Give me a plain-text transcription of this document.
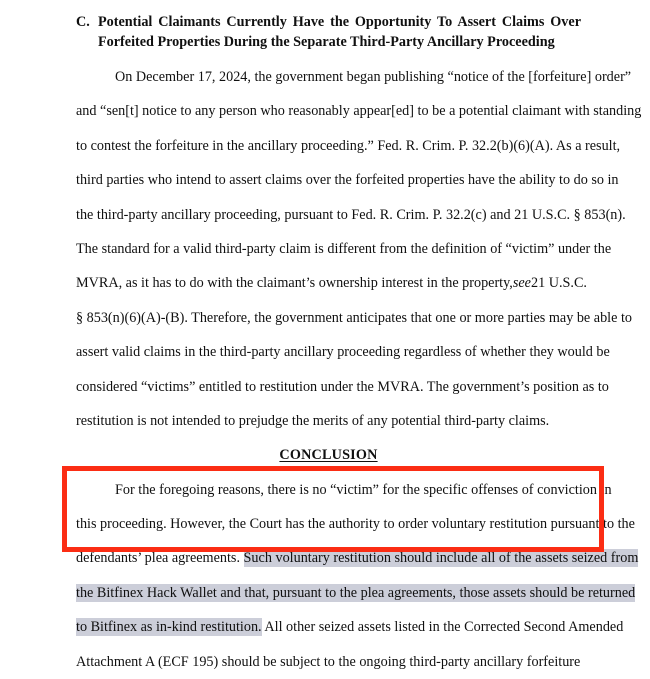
C. Potential Claimants Currently Have the Opportunity To Assert Claims Over
Forfeited Properties During the Separate Third-Party Ancillary Proceeding

On December 17, 2024, the government began publishing “notice of the [forfeiture] order”
and “sen[t] notice to any person who reasonably appear[ed] to be a potential claimant with standing
to contest the forfeiture in the ancillary proceeding.” Fed. R. Crim. P. 32.2(b)(6)(A). As a result,
third parties who intend to assert claims over the forfeited properties have the ability to do so in
the third-party ancillary proceeding, pursuant to Fed. R. Crim. P. 32.2(c) and 21 U.S.C. § 853(n).
The standard for a valid third-party claim is different from the definition of “victim” under the
MVRA, as it has to do with the claimant’s ownership interest in the property, see 21 U.S.C.
§ 853(n)(6)(A)-(B). Therefore, the government anticipates that one or more parties may be able to
assert valid claims in the third-party ancillary proceeding regardless of whether they would be
considered “victims” entitled to restitution under the MVRA. The government’s position as to
restitution is not intended to prejudge the merits of any potential third-party claims.

CONCLUSION

For the foregoing reasons, there is no “victim” for the specific offenses of conviction in
this proceeding. However, the Court has the authority to order voluntary restitution pursuant to the
defendants’ plea agreements. Such voluntary restitution should include all of the assets seized from
the Bitfinex Hack Wallet and that, pursuant to the plea agreements, those assets should be returned
to Bitfinex as in-kind restitution. All other seized assets listed in the Corrected Second Amended
Attachment A (ECF 195) should be subject to the ongoing third-party ancillary forfeiture
